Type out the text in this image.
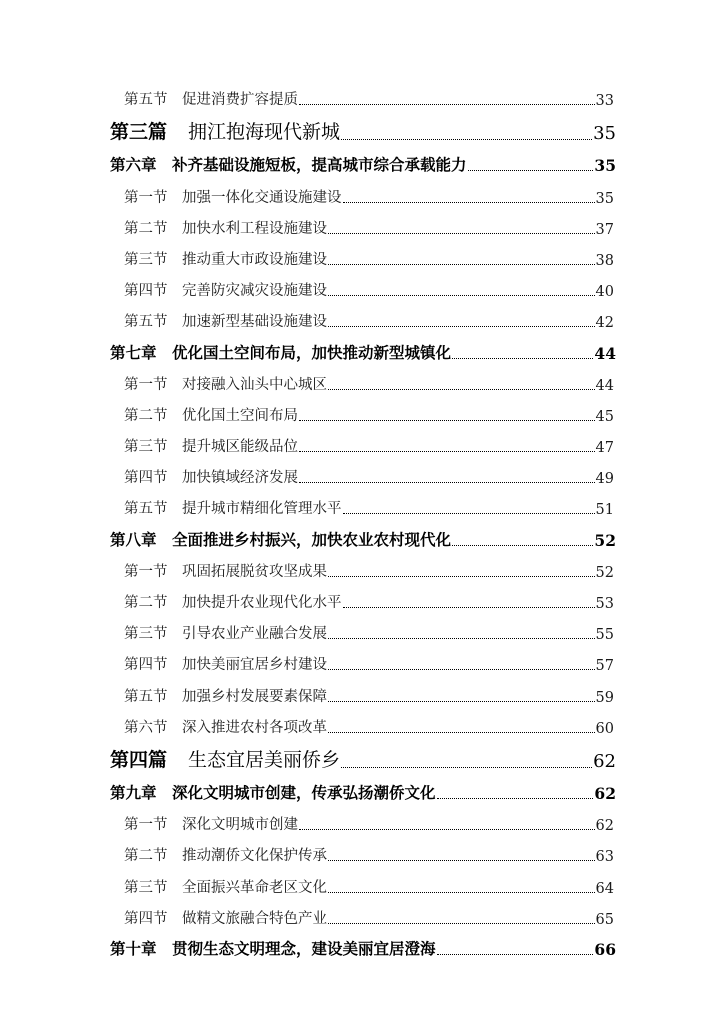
第五节	促进消费扩容提质	33
第三篇	拥江抱海现代新城	35
第六章 补齐基础设施短板，提高城市综合承载能力	35
第一节	加强一体化交通设施建设	35
第二节	加快水利工程设施建设	37
第三节	推动重大市政设施建设	38
第四节	完善防灾减灾设施建设	40
第五节	加速新型基础设施建设	42
第七章 优化国土空间布局，加快推动新型城镇化	44
第一节	对接融入汕头中心城区	44
第二节	优化国土空间布局	45
第三节	提升城区能级品位	47
第四节	加快镇域经济发展	49
第五节	提升城市精细化管理水平	51
第八章 全面推进乡村振兴，加快农业农村现代化	52
第一节	巩固拓展脱贫攻坚成果	52
第二节	加快提升农业现代化水平	53
第三节	引导农业产业融合发展	55
第四节	加快美丽宜居乡村建设	57
第五节	加强乡村发展要素保障	59
第六节	深入推进农村各项改革	60
第四篇	生态宜居美丽侨乡	62
第九章 深化文明城市创建，传承弘扬潮侨文化	62
第一节	深化文明城市创建	62
第二节	推动潮侨文化保护传承	63
第三节	全面振兴革命老区文化	64
第四节	做精文旅融合特色产业	65
第十章 贯彻生态文明理念，建设美丽宜居澄海	66
